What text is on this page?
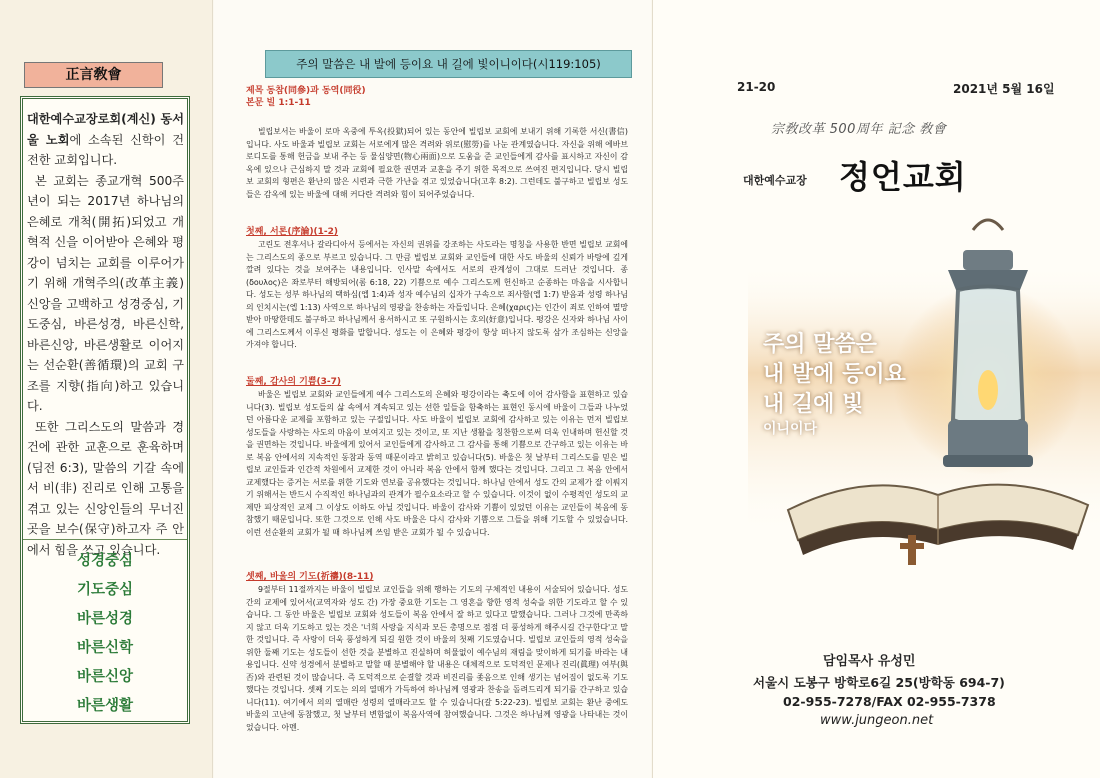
正言敎會

대한예수교장로회(계신) 동서울 노회에 소속된 신학이 건전한 교회입니다.

본 교회는 종교개혁 500주년이 되는 2017년 하나님의 은혜로 개척(開拓)되었고 개혁적 신을 이어받아 은혜와 평강이 넘치는 교회를 이루어가기 위해 개혁주의(改革主義) 신앙을 고백하고 성경중심, 기도중심, 바른성경, 바른신학, 바른신앙, 바른생활로 이어지는 선순환(善循環)의 교회 구조를 지향(指向)하고 있습니다.

또한 그리스도의 말씀과 경건에 관한 교훈으로 훈육하며(딤전 6:3), 말씀의 기갈 속에서 비(非) 진리로 인해 고통을 겪고 있는 신앙인들의 무너진 곳을 보수(保守)하고자 주 안에서 힘을 쓰고 있습니다.

성경중심
기도중심
바른성경
바른신학
바른신앙
바른생활
주의 말씀은 내 발에 등이요 내 길에 빛이니이다(시119:105)
제목 동참(同參)과 동역(同役)
본문 빌 1:1-11

빌립보서는 바울이 로마 옥중에 투옥(投獄)되어 있는 동안에 빌립보 교회에 보내기 위해 기록한 서신(書信)입니다. 사도 바울과 빌립보 교회는 서로에게 많은 격려와 위로(慰勞)를 나눈 관계였습니다. 자신을 위해 에바브로디도를 통해 헌금을 보내 주는 등 물심양면(物心兩面)으로 도움을 준 교인들에게 감사를 표시하고 자신이 감옥에 있으나 근심하지 말 것과 교회에 필요한 권면과 교훈을 주기 위한 목적으로 쓰여진 편지입니다. 당시 빌립보 교회의 형편은 환난의 많은 시련과 극한 가난을 겪고 있었습니다(고후 8:2). 그런데도 불구하고 빌립보 성도들은 감옥에 있는 바울에 대해 커다란 격려와 힘이 되어주었습니다.

첫째, 서론(序論)(1-2)

고린도 전후서나 갈라디아서 등에서는 자신의 권위를 강조하는 사도라는 명칭을 사용한 반면 빌립보 교회에는 그리스도의 종으로 부르고 있습니다. 그 만큼 빌립보 교회와 교인들에 대한 사도 바울의 신뢰가 바탕에 깊게 깔려 있다는 것을 보여주는 내용입니다. 인사말 속에서도 서로의 관계성이 그대로 드러난 것입니다. 종(δουλος)은 좌로부터 해방되어(롬 6:18, 22) 기쁨으로 예수 그리스도께 헌신하고 순종하는 마음을 시사합니다. 성도는 성부 하나님의 택하심(엡 1:4)과 성자 예수님의 십자가 구속으로 죄사함(엡 1:7) 받음과 성령 하나님의 인치시는(엡 1:13) 사역으로 하나님의 영광을 찬송하는 자들입니다. 은혜(χαρις)는 인간이 죄로 인하여 멸망 받아 마땅한데도 불구하고 하나님께서 용서하시고 또 구원하시는 호의(好意)입니다. 평강은 신자와 하나님 사이에 그리스도께서 이루신 평화를 말합니다. 성도는 이 은혜와 평강이 항상 떠나지 않도록 삼가 조심하는 신앙을 가져야 합니다.

둘째, 감사의 기쁨(3-7)

바울은 빌립보 교회와 교인들에게 예수 그리스도의 은혜와 평강이라는 축도에 이어 감사함을 표현하고 있습니다(3). 빌립보 성도들의 삶 속에서 계속되고 있는 선한 일들을 함축하는 표현인 동시에 바울이 그들과 나누었던 아름다운 교제를 포함하고 있는 구절입니다. 사도 바울이 빌립보 교회에 감사하고 있는 이유는 먼저 빌립보 성도들을 사랑하는 사도의 마음이 보여지고 있는 것이고, 또 지난 생활을 칭찬함으로써 더욱 인내하며 헌신할 것을 권면하는 것입니다. 바울에게 있어서 교인들에게 감사하고 그 감사를 통해 기쁨으로 간구하고 있는 이유는 바로 복음 안에서의 지속적인 동참과 동역 때문이라고 밝히고 있습니다(5). 바울은 첫 날부터 그리스도를 믿은 빌립보 교인들과 인간적 차원에서 교제한 것이 아니라 복음 안에서 함께 했다는 것입니다. 그리고 그 복음 안에서 교제했다는 증거는 서로를 위한 기도와 연보를 공유했다는 것입니다. 하나님 안에서 성도 간의 교제가 잘 이뤄지기 위해서는 반드시 수직적인 하나님과의 관계가 필수요소라고 할 수 있습니다. 이것이 없이 수평적인 성도의 교제만 피상적인 교제 그 이상도 이하도 아닐 것입니다. 바울이 감사와 기쁨이 있었던 이유는 교인들이 복음에 동참했기 때문입니다. 또한 그것으로 인해 사도 바울은 다시 감사와 기쁨으로 그들을 위해 기도할 수 있었습니다. 이런 선순환의 교회가 될 때 하나님께 쓰임 받은 교회가 될 수 있습니다.

셋째, 바울의 기도(祈禱)(8-11)

9절부터 11절까지는 바울이 빌립보 교인들을 위해 행하는 기도의 구체적인 내용이 서술되어 있습니다. 성도간의 교제에 있어서(교역자와 성도 간) 가장 중요한 기도는 그 영혼을 향한 영적 성숙을 위한 기도라고 할 수 있습니다. 그 동안 바울은 빌립보 교회와 성도들이 복음 안에서 잘 하고 있다고 말했습니다. 그러나 그것에 만족하지 않고 더욱 기도하고 있는 것은 '너희 사랑을 지식과 모든 총명으로 점점 더 풍성하게 해주시길 간구한다'고 말한 것입니다. 즉 사랑이 더욱 풍성하게 되길 원한 것이 바울의 첫째 기도였습니다. 빌립보 교인들의 영적 성숙을 위한 둘째 기도는 성도들이 선한 것을 분별하고 진실하며 허물없이 예수님의 재림을 맞이하게 되기를 바라는 내용입니다. 신약 성경에서 분별하고 말할 때 분별해야 할 내용은 대체적으로 도덕적인 문제나 진리(眞理) 여부(與否)와 관련된 것이 많습니다. 즉 도덕적으로 순결할 것과 비진리를 좇음으로 인해 생기는 넘어짐이 없도록 기도했다는 것입니다. 셋째 기도는 의의 열매가 가득하여 하나님께 영광과 찬송을 돌려드리게 되기를 간구하고 있습니다(11). 여기에서 의의 열매란 성령의 열매라고도 할 수 있습니다(갈 5:22-23). 빌립보 교회는 환난 중에도 바울의 고난에 동참했고, 첫 날부터 변함없이 복음사역에 참여했습니다. 그것은 하나님께 영광을 나타내는 것이었습니다. 아멘.

21-20	2021년 5월 16일
宗敎改革 500周年 記念 敎會
대한예수교장 정언교회
주의 말씀은
내 발에 등이요
내 길에 빛
이니이다
담임목사 유성민
서울시 도봉구 방학로6길 25(방학동 694-7)
02-955-7278/FAX 02-955-7378
www.jungeon.net
